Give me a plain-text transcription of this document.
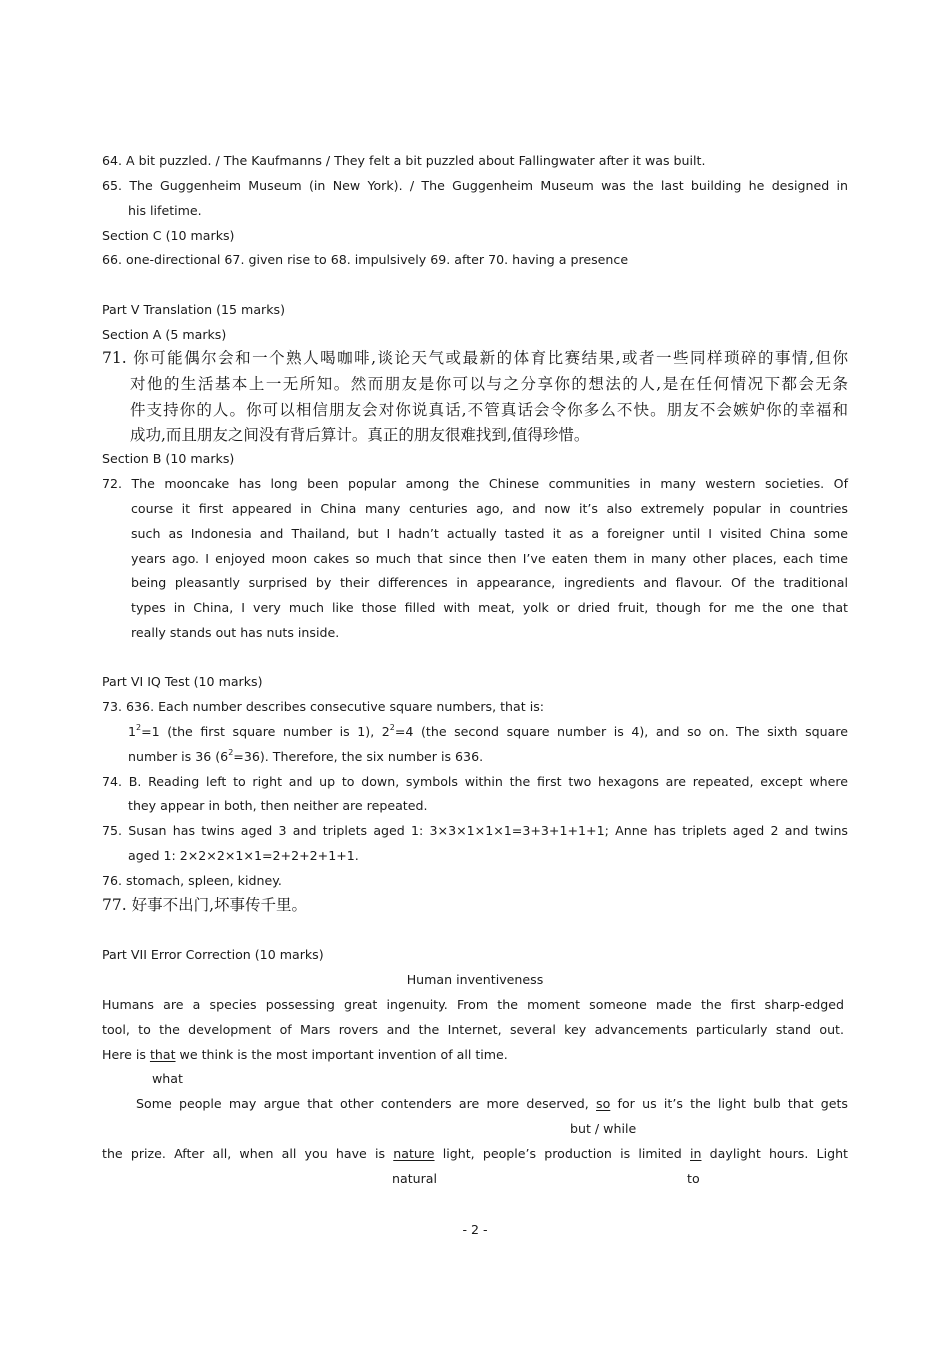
64. A bit puzzled. / The Kaufmanns / They felt a bit puzzled about Fallingwater after it was built.
65. The Guggenheim Museum (in New York). / The Guggenheim Museum was the last building he designed in
his lifetime.
Section C (10 marks)
66. one-directional 67. given rise to 68. impulsively 69. after 70. having a presence
Part V Translation (15 marks)
Section A (5 marks)
71. 你可能偶尔会和一个熟人喝咖啡,谈论天气或最新的体育比赛结果,或者一些同样琐碎的事情,但你
对他的生活基本上一无所知。然而朋友是你可以与之分享你的想法的人,是在任何情况下都会无条
件支持你的人。你可以相信朋友会对你说真话,不管真话会令你多么不快。朋友不会嫉妒你的幸福和
成功,而且朋友之间没有背后算计。真正的朋友很难找到,值得珍惜。
Section B (10 marks)
72. The mooncake has long been popular among the Chinese communities in many western societies. Of
course it first appeared in China many centuries ago, and now it’s also extremely popular in countries
such as Indonesia and Thailand, but I hadn’t actually tasted it as a foreigner until I visited China some
years ago. I enjoyed moon cakes so much that since then I’ve eaten them in many other places, each time
being pleasantly surprised by their differences in appearance, ingredients and flavour. Of the traditional
types in China, I very much like those filled with meat, yolk or dried fruit, though for me the one that
really stands out has nuts inside.
Part VI IQ Test (10 marks)
73. 636. Each number describes consecutive square numbers, that is:
$1^2=1$ (the first square number is 1), $2^2=4$ (the second square number is 4), and so on. The sixth square
number is 36 $(6^2=36)$. Therefore, the six number is 636.
74. B. Reading left to right and up to down, symbols within the first two hexagons are repeated, except where
they appear in both, then neither are repeated.
75. Susan has twins aged 3 and triplets aged 1: 3×3×1×1×1=3+3+1+1+1; Anne has triplets aged 2 and twins
aged 1: 2×2×2×1×1=2+2+2+1+1.
76. stomach, spleen, kidney.
77. 好事不出门,坏事传千里。
Part VII Error Correction (10 marks)
Human inventiveness
Humans are a species possessing great ingenuity. From the moment someone made the first sharp-edged
tool, to the development of Mars rovers and the Internet, several key advancements particularly stand out.
Here is that we think is the most important invention of all time.
what
Some people may argue that other contenders are more deserved, so for us it’s the light bulb that gets
but / while
the prize. After all, when all you have is nature light, people’s production is limited in daylight hours. Light
natural	to
- 2 -
